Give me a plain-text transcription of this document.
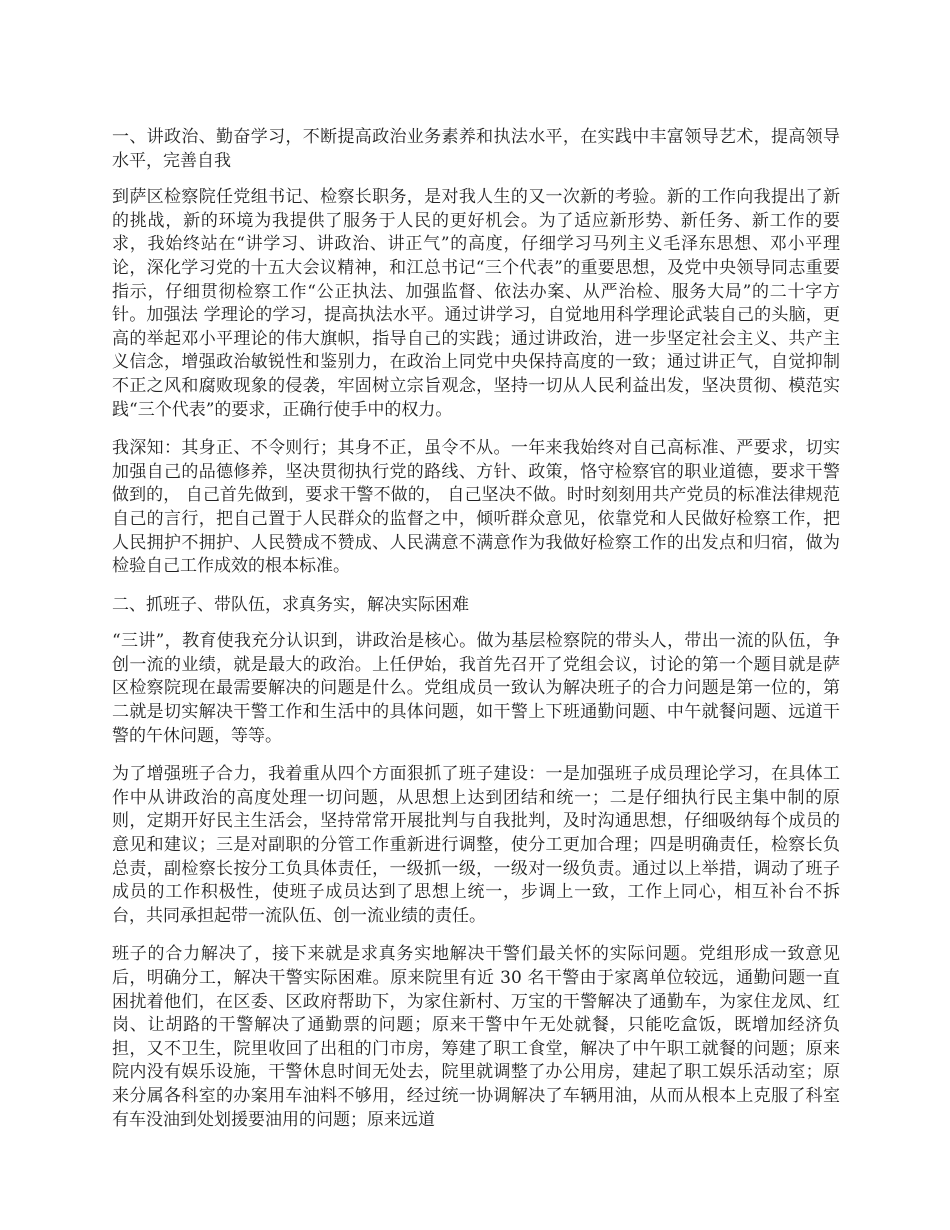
一、讲政治、勤奋学习，不断提高政治业务素养和执法水平，在实践中丰富领导艺术，提高领导水平，完善自我

到萨区检察院任党组书记、检察长职务，是对我人生的又一次新的考验。新的工作向我提出了新的挑战，新的环境为我提供了服务于人民的更好机会。为了适应新形势、新任务、新工作的要求，我始终站在“讲学习、讲政治、讲正气”的高度，仔细学习马列主义毛泽东思想、邓小平理论，深化学习党的十五大会议精神，和江总书记“三个代表”的重要思想，及党中央领导同志重要指示，仔细贯彻检察工作“公正执法、加强监督、依法办案、从严治检、服务大局”的二十字方针。加强法 学理论的学习，提高执法水平。通过讲学习，自觉地用科学理论武装自己的头脑，更高的举起邓小平理论的伟大旗帜，指导自己的实践；通过讲政治，进一步坚定社会主义、共产主义信念，增强政治敏锐性和鉴别力，在政治上同党中央保持高度的一致；通过讲正气，自觉抑制不正之风和腐败现象的侵袭，牢固树立宗旨观念，坚持一切从人民利益出发，坚决贯彻、模范实践“三个代表”的要求，正确行使手中的权力。

我深知：其身正、不令则行；其身不正，虽令不从。一年来我始终对自己高标准、严要求，切实加强自己的品德修养，坚决贯彻执行党的路线、方针、政策，恪守检察官的职业道德，要求干警做到的， 自己首先做到，要求干警不做的， 自己坚决不做。时时刻刻用共产党员的标准法律规范自己的言行，把自己置于人民群众的监督之中，倾听群众意见，依靠党和人民做好检察工作，把人民拥护不拥护、人民赞成不赞成、人民满意不满意作为我做好检察工作的出发点和归宿，做为检验自己工作成效的根本标准。

二、抓班子、带队伍，求真务实，解决实际困难

“三讲”，教育使我充分认识到，讲政治是核心。做为基层检察院的带头人，带出一流的队伍，争创一流的业绩，就是最大的政治。上任伊始，我首先召开了党组会议，讨论的第一个题目就是萨区检察院现在最需要解决的问题是什么。党组成员一致认为解决班子的合力问题是第一位的，第二就是切实解决干警工作和生活中的具体问题，如干警上下班通勤问题、中午就餐问题、远道干警的午休问题，等等。

为了增强班子合力，我着重从四个方面狠抓了班子建设：一是加强班子成员理论学习，在具体工作中从讲政治的高度处理一切问题，从思想上达到团结和统一；二是仔细执行民主集中制的原则，定期开好民主生活会，坚持常常开展批判与自我批判，及时沟通思想，仔细吸纳每个成员的意见和建议；三是对副职的分管工作重新进行调整，使分工更加合理；四是明确责任，检察长负总责，副检察长按分工负具体责任，一级抓一级，一级对一级负责。通过以上举措，调动了班子成员的工作积极性，使班子成员达到了思想上统一，步调上一致，工作上同心，相互补台不拆台，共同承担起带一流队伍、创一流业绩的责任。

班子的合力解决了，接下来就是求真务实地解决干警们最关怀的实际问题。党组形成一致意见后，明确分工，解决干警实际困难。原来院里有近 30 名干警由于家离单位较远，通勤问题一直困扰着他们，在区委、区政府帮助下，为家住新村、万宝的干警解决了通勤车，为家住龙凤、红岗、让胡路的干警解决了通勤票的问题；原来干警中午无处就餐，只能吃盒饭，既增加经济负担，又不卫生，院里收回了出租的门市房，筹建了职工食堂，解决了中午职工就餐的问题；原来院内没有娱乐设施，干警休息时间无处去，院里就调整了办公用房，建起了职工娱乐活动室；原来分属各科室的办案用车油料不够用，经过统一协调解决了车辆用油，从而从根本上克服了科室有车没油到处划援要油用的问题；原来远道
